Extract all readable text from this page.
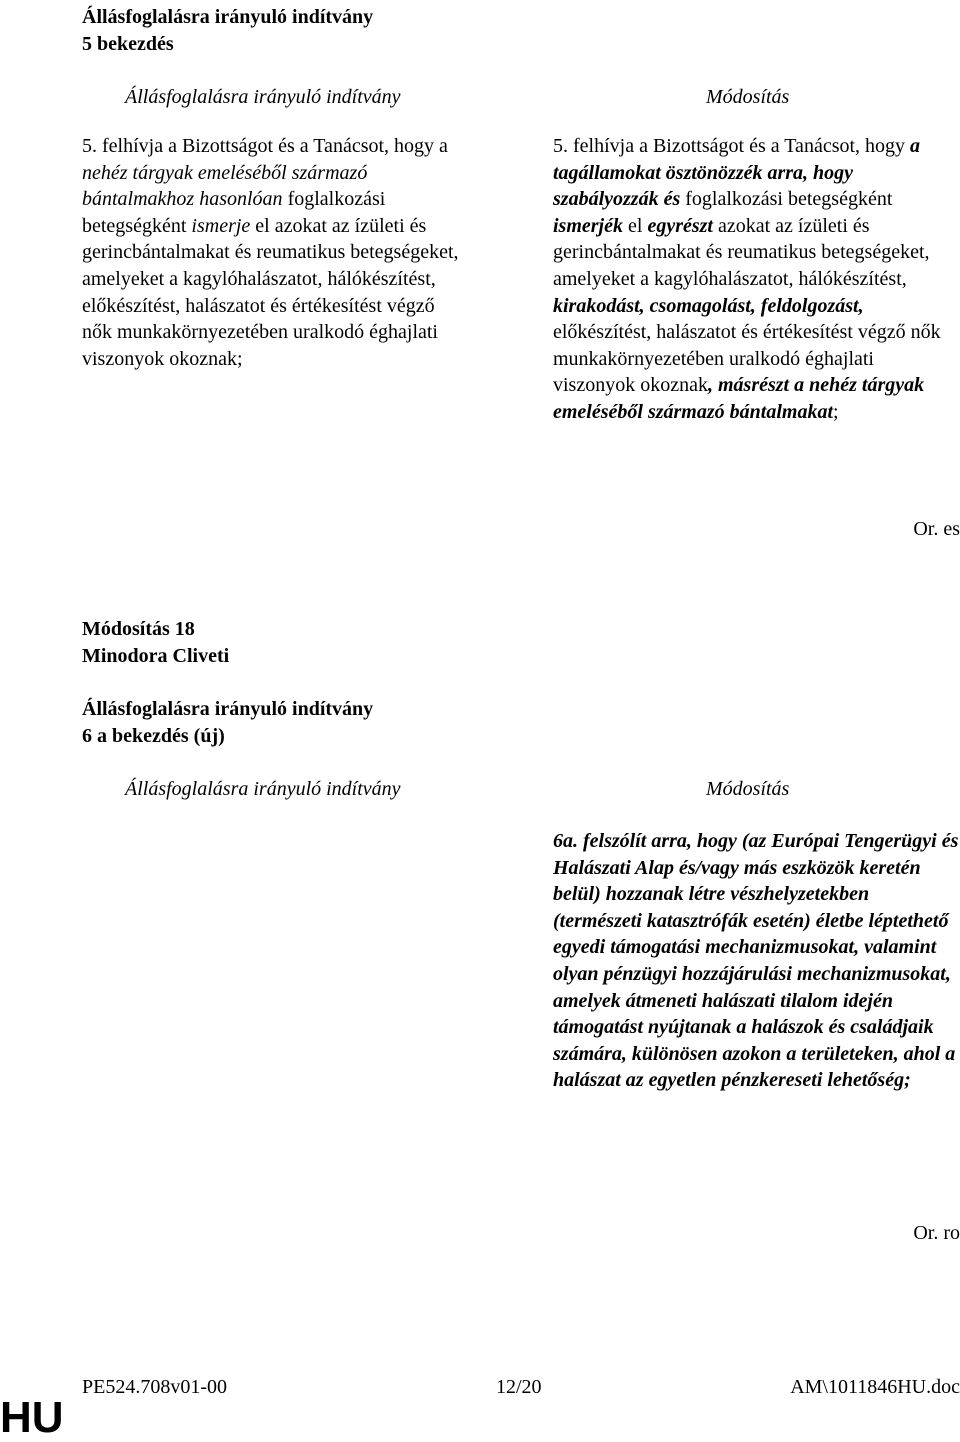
Állásfoglalásra irányuló indítvány
5 bekezdés
Állásfoglalásra irányuló indítvány	Módosítás

5. felhívja a Bizottságot és a Tanácsot, hogy a nehéz tárgyak emeléséből származó bántalmakhoz hasonlóan foglalkozási betegségként ismerje el azokat az ízületi és gerincbántalmakat és reumatikus betegségeket, amelyeket a kagylóhalászatot, hálókészítést, előkészítést, halászatot és értékesítést végző nők munkakörnyezetében uralkodó éghajlati viszonyok okoznak;

5. felhívja a Bizottságot és a Tanácsot, hogy a tagállamokat ösztönözzék arra, hogy szabályozzák és foglalkozási betegségként ismerjék el egyrészt azokat az ízületi és gerincbántalmakat és reumatikus betegségeket, amelyeket a kagylóhalászatot, hálókészítést, kirakodást, csomagolást, feldolgozást, előkészítést, halászatot és értékesítést végző nők munkakörnyezetében uralkodó éghajlati viszonyok okoznak, másrészt a nehéz tárgyak emeléséből származó bántalmakat;

Or. es
Módosítás 18
Minodora Cliveti
Állásfoglalásra irányuló indítvány
6 a bekezdés (új)
Állásfoglalásra irányuló indítvány	Módosítás

6a. felszólít arra, hogy (az Európai Tengerügyi és Halászati Alap és/vagy más eszközök keretén belül) hozzanak létre vészhelyzetekben (természeti katasztrófák esetén) életbe léptethető egyedi támogatási mechanizmusokat, valamint olyan pénzügyi hozzájárulási mechanizmusokat, amelyek átmeneti halászati tilalom idején támogatást nyújtanak a halászok és családjaik számára, különösen azokon a területeken, ahol a halászat az egyetlen pénzkereseti lehetőség;

Or. ro
PE524.708v01-00	12/20	AM\1011846HU.doc
HU
